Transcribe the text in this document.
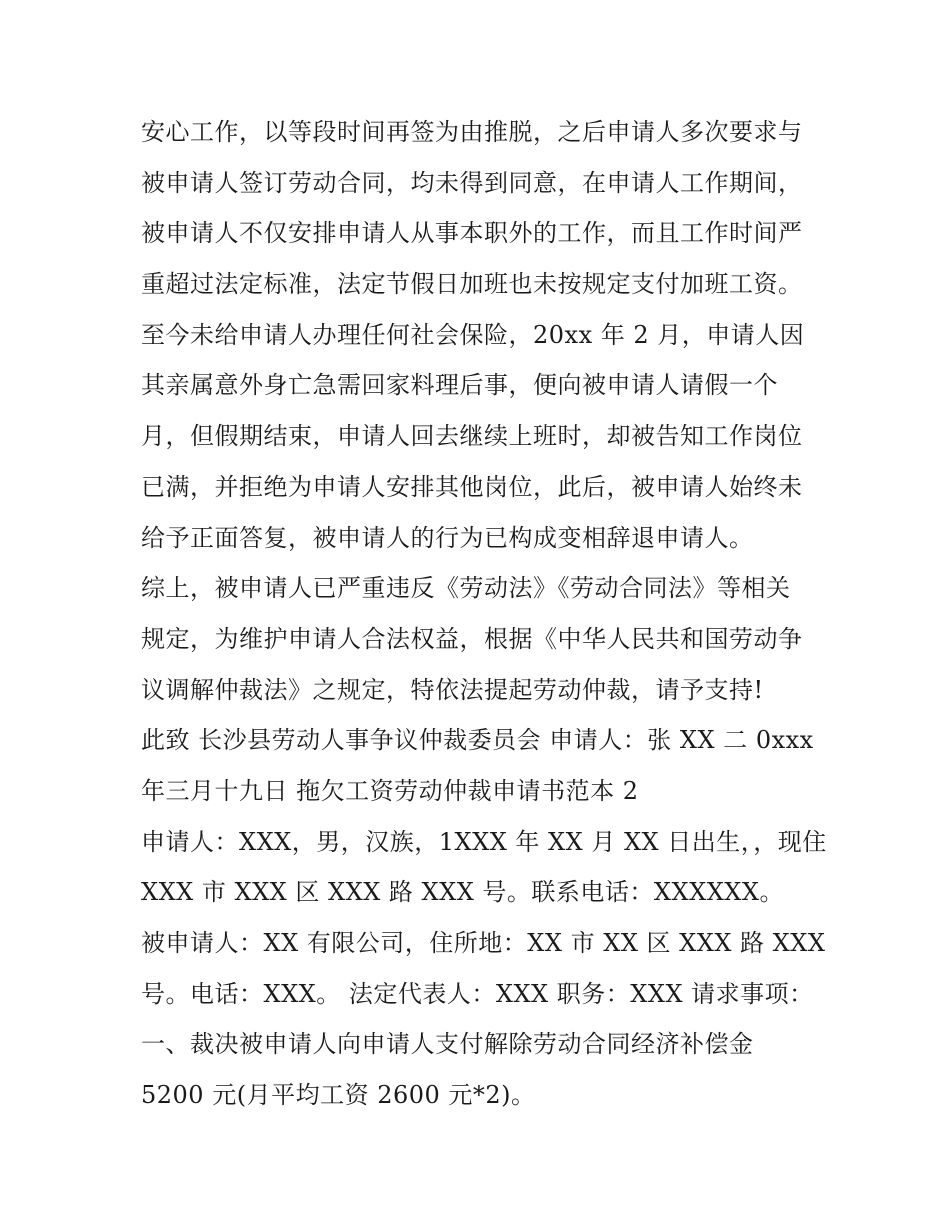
安心工作，以等段时间再签为由推脱，之后申请人多次要求与
被申请人签订劳动合同，均未得到同意，在申请人工作期间，
被申请人不仅安排申请人从事本职外的工作，而且工作时间严
重超过法定标准，法定节假日加班也未按规定支付加班工资。
至今未给申请人办理任何社会保险，20xx 年 2 月，申请人因
其亲属意外身亡急需回家料理后事，便向被申请人请假一个
月，但假期结束，申请人回去继续上班时，却被告知工作岗位
已满，并拒绝为申请人安排其他岗位，此后，被申请人始终未
给予正面答复，被申请人的行为已构成变相辞退申请人。
综上，被申请人已严重违反《劳动法》《劳动合同法》等相关
规定，为维护申请人合法权益，根据《中华人民共和国劳动争
议调解仲裁法》之规定，特依法提起劳动仲裁，请予支持!
此致 长沙县劳动人事争议仲裁委员会 申请人：张 XX 二 0xxx
年三月十九日 拖欠工资劳动仲裁申请书范本 2
申请人：XXX，男，汉族，1XXX 年 XX 月 XX 日出生，，现住
XXX 市 XXX 区 XXX 路 XXX 号。联系电话：XXXXXX。
被申请人：XX 有限公司，住所地：XX 市 XX 区 XXX 路 XXX
号。电话：XXX。 法定代表人：XXX 职务：XXX 请求事项：
一、裁决被申请人向申请人支付解除劳动合同经济补偿金
5200 元(月平均工资 2600 元*2)。
